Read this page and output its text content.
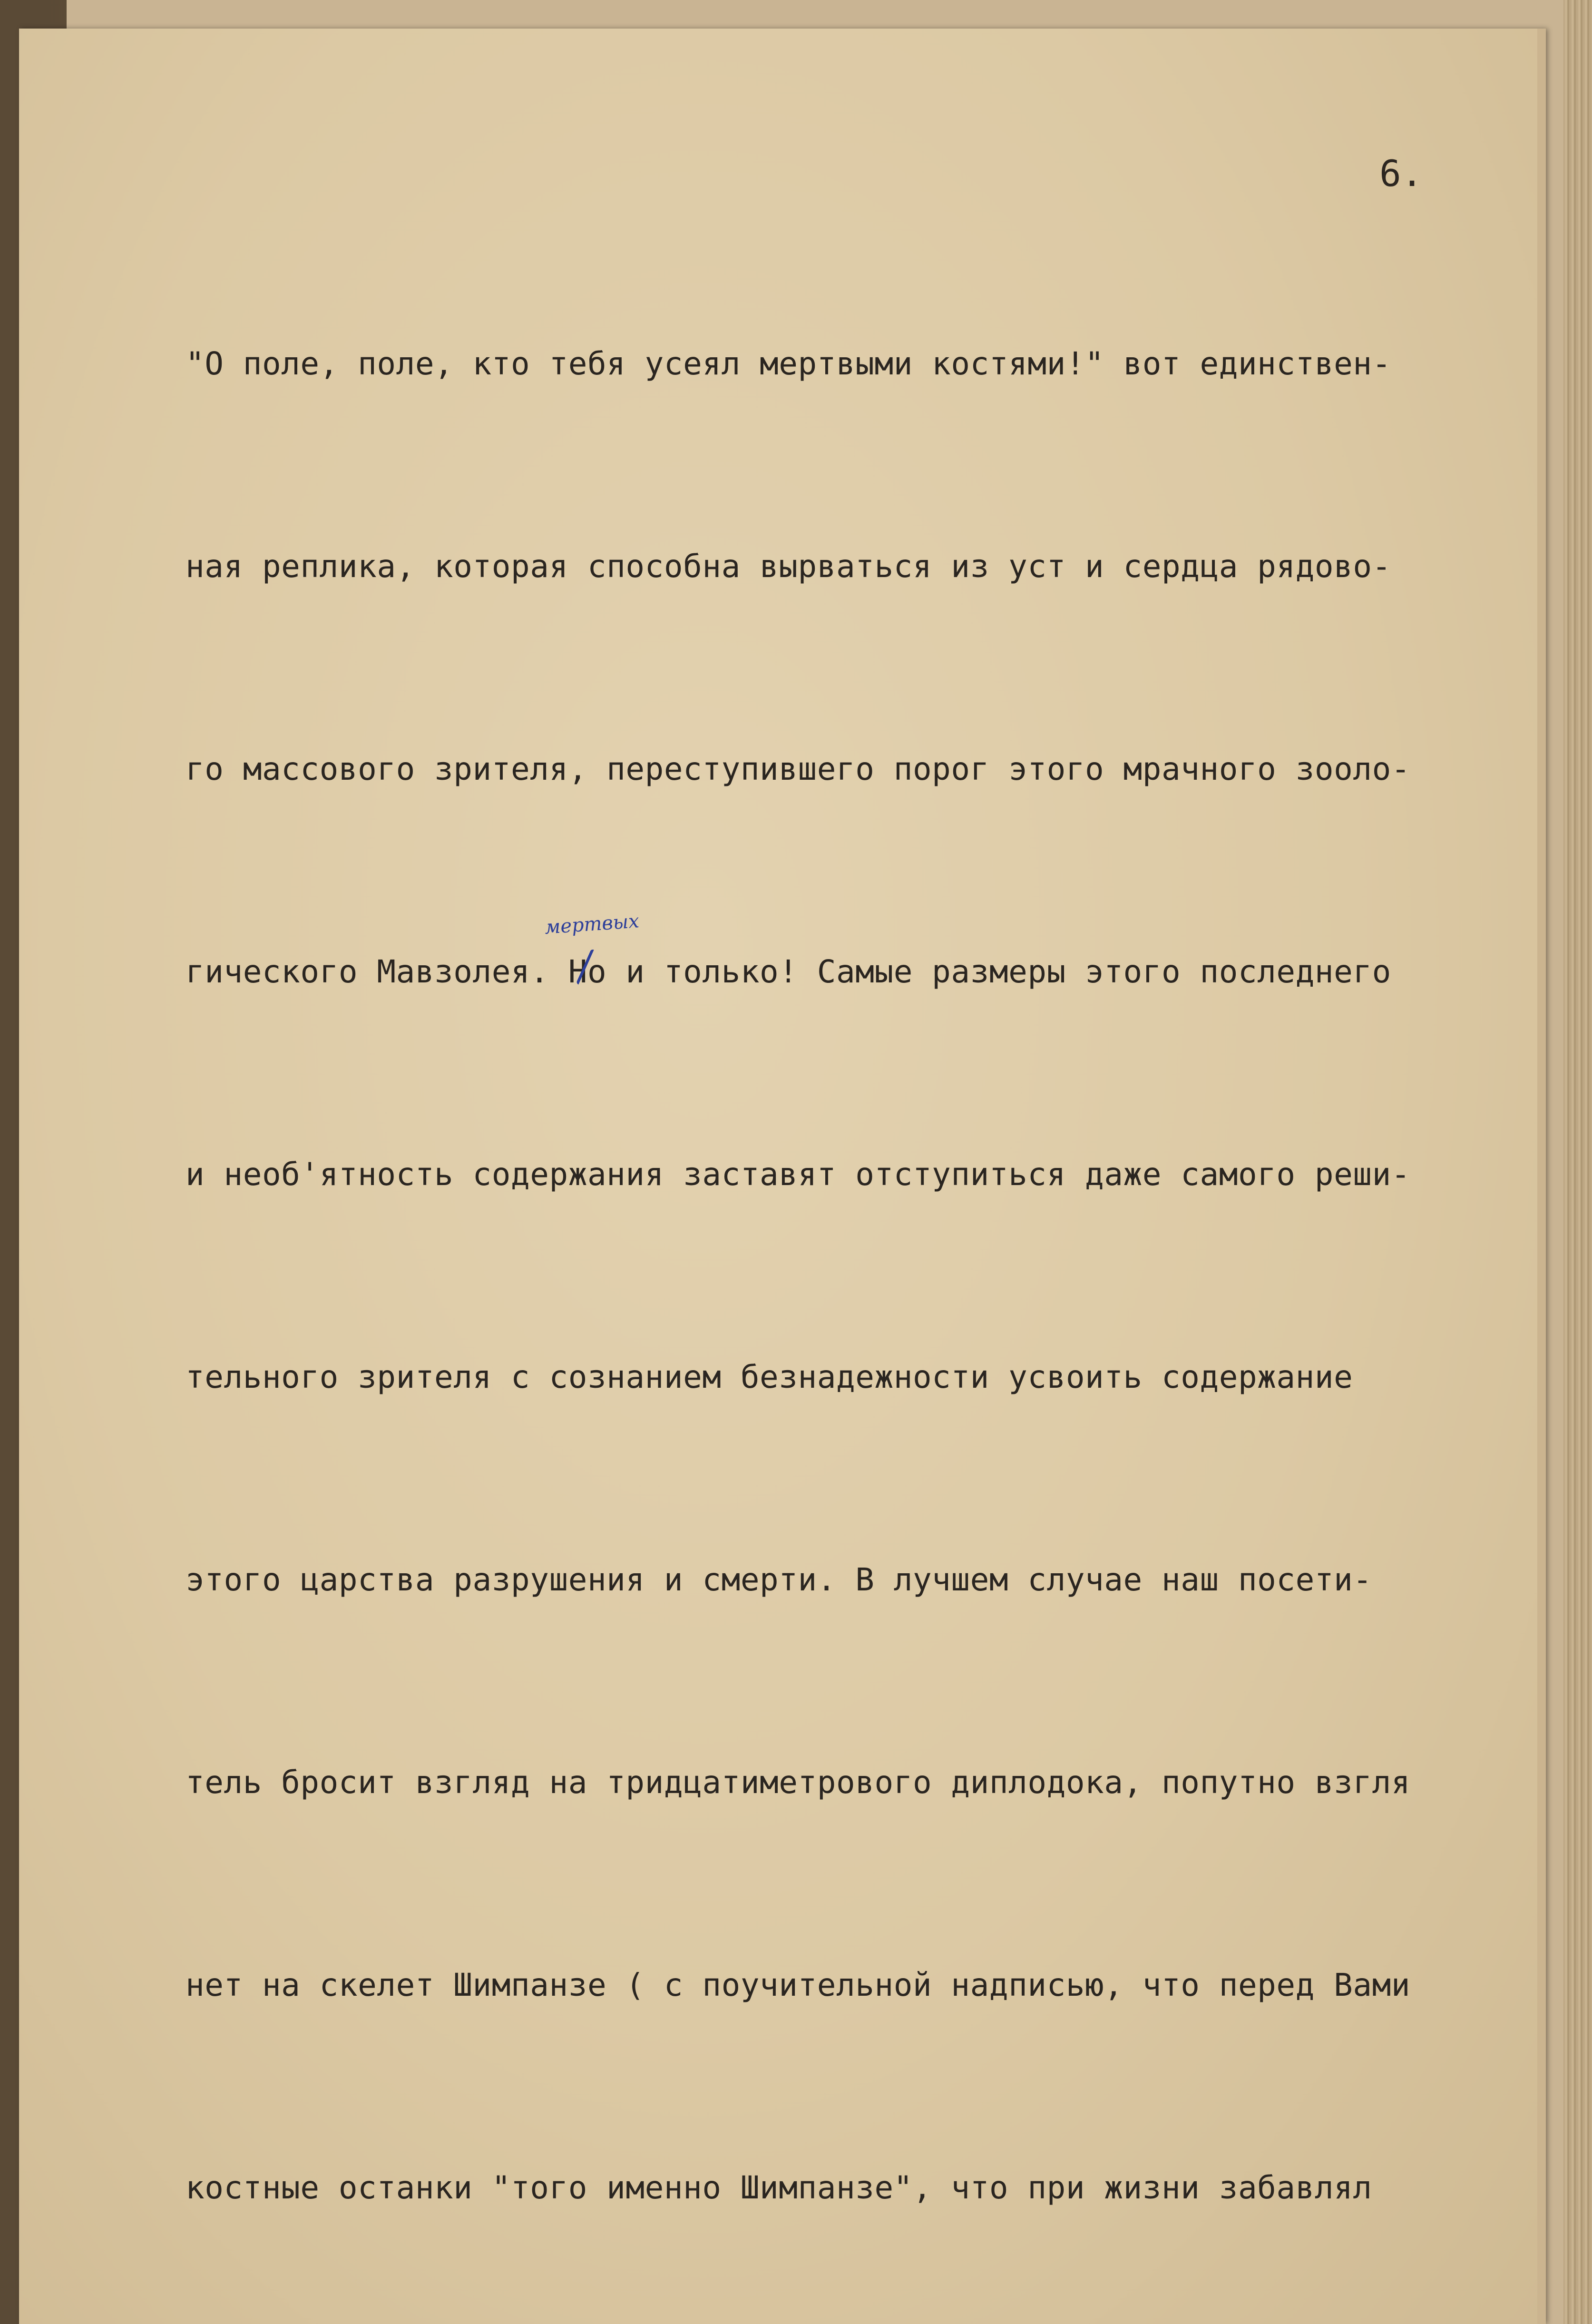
6.

"О поле, поле, кто тебя усеял мертвыми костями!" вот единствен-

ная реплика, которая способна вырваться из уст и сердца рядово-

го массового зрителя, переступившего порог этого мрачного зооло-

гического Мавзолея. Но и только! Самые размеры этого последнего

и необ'ятность содержания заставят отступиться даже самого реши-

тельного зрителя с сознанием безнадежности усвоить содержание

этого царства разрушения и смерти. В лучшем случае наш посети-

тель бросит взгляд на тридцатиметрового диплодока, попутно взгля

нет на скелет Шимпанзе ( с поучительной надписью, что перед Вами

костные останки "того именно Шимпанзе", что при жизни забавлял

мертвых
